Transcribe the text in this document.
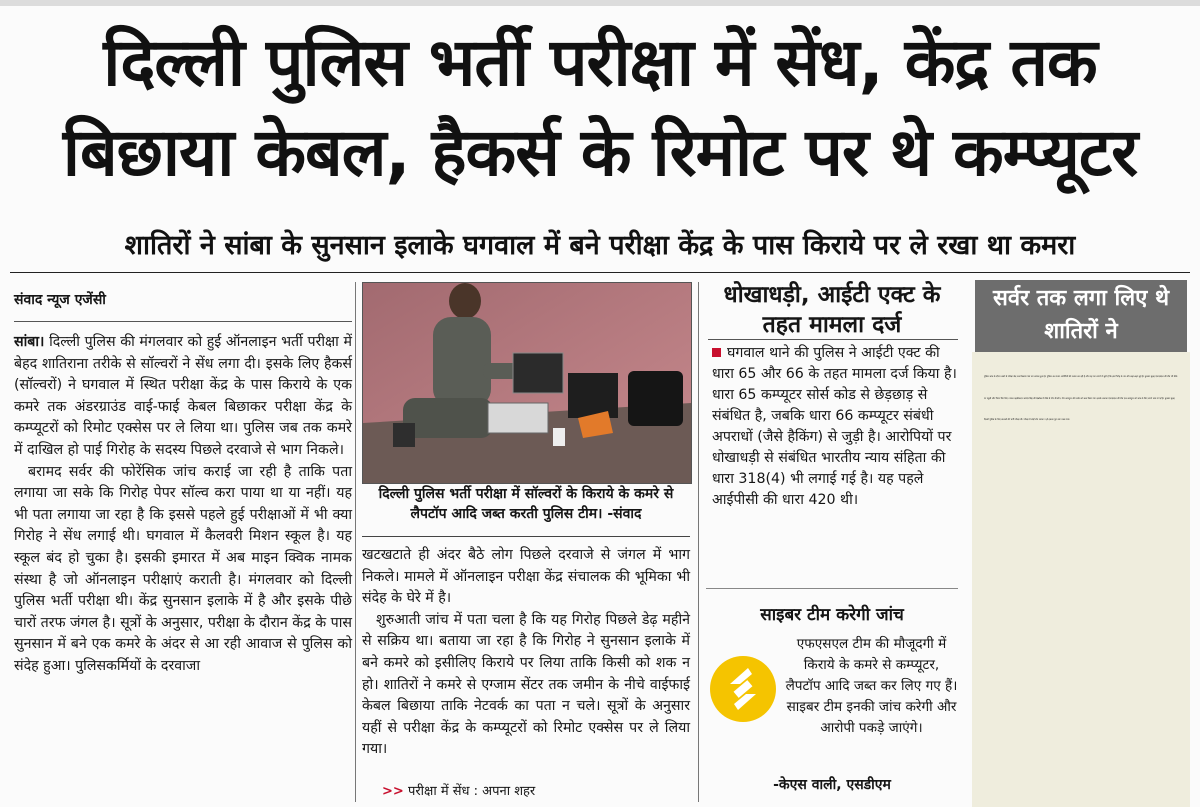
दिल्ली पुलिस भर्ती परीक्षा में सेंध, केंद्र तक
बिछाया केबल, हैकर्स के रिमोट पर थे कम्प्यूटर
शातिरों ने सांबा के सुनसान इलाके घगवाल में बने परीक्षा केंद्र के पास किराये पर ले रखा था कमरा
संवाद न्यूज एजेंसी

सांबा। दिल्ली पुलिस की मंगलवार को हुई ऑनलाइन भर्ती परीक्षा में बेहद शातिराना तरीके से सॉल्वरों ने सेंध लगा दी। इसके लिए हैकर्स (सॉल्वरों) ने घगवाल में स्थित परीक्षा केंद्र के पास किराये के एक कमरे तक अंडरग्राउंड वाई-फाई केबल बिछाकर परीक्षा केंद्र के कम्प्यूटरों को रिमोट एक्सेस पर ले लिया था। पुलिस जब तक कमरे में दाखिल हो पाई गिरोह के सदस्य पिछले दरवाजे से भाग निकले।

बरामद सर्वर की फोरेंसिक जांच कराई जा रही है ताकि पता लगाया जा सके कि गिरोह पेपर सॉल्व करा पाया था या नहीं। यह भी पता लगाया जा रहा है कि इससे पहले हुई परीक्षाओं में भी क्या गिरोह ने सेंध लगाई थी। घगवाल में कैलवरी मिशन स्कूल है। यह स्कूल बंद हो चुका है। इसकी इमारत में अब माइन क्विक नामक संस्था है जो ऑनलाइन परीक्षाएं कराती है। मंगलवार को दिल्ली पुलिस भर्ती परीक्षा थी। केंद्र सुनसान इलाके में है और इसके पीछे चारों तरफ जंगल है। सूत्रों के अनुसार, परीक्षा के दौरान केंद्र के पास सुनसान में बने एक कमरे के अंदर से आ रही आवाज से पुलिस को संदेह हुआ। पुलिसकर्मियों के दरवाजा

दिल्ली पुलिस भर्ती परीक्षा में सॉल्वरों के किराये के कमरे से लैपटॉप आदि जब्त करती पुलिस टीम। -संवाद

खटखटाते ही अंदर बैठे लोग पिछले दरवाजे से जंगल में भाग निकले। मामले में ऑनलाइन परीक्षा केंद्र संचालक की भूमिका भी संदेह के घेरे में है।

शुरुआती जांच में पता चला है कि यह गिरोह पिछले डेढ़ महीने से सक्रिय था। बताया जा रहा है कि गिरोह ने सुनसान इलाके में बने कमरे को इसीलिए किराये पर लिया ताकि किसी को शक न हो। शातिरों ने कमरे से एग्जाम सेंटर तक जमीन के नीचे वाईफाई केबल बिछाया ताकि नेटवर्क का पता न चले। सूत्रों के अनुसार यहीं से परीक्षा केंद्र के कम्प्यूटरों को रिमोट एक्सेस पर ले लिया गया।

>> परीक्षा में सेंध : अपना शहर
धोखाधड़ी, आईटी एक्ट के तहत मामला दर्ज
घगवाल थाने की पुलिस ने आईटी एक्ट की धारा 65 और 66 के तहत मामला दर्ज किया है। धारा 65 कम्प्यूटर सोर्स कोड से छेड़छाड़ से संबंधित है, जबकि धारा 66 कम्प्यूटर संबंधी अपराधों (जैसे हैकिंग) से जुड़ी है। आरोपियों पर धोखाधड़ी से संबंधित भारतीय न्याय संहिता की धारा 318(4) भी लगाई गई है। यह पहले आईपीसी की धारा 420 थी।
साइबर टीम करेगी जांच
एफएसएल टीम की मौजूदगी में किराये के कमरे से कम्प्यूटर, लैपटॉप आदि जब्त कर लिए गए हैं। साइबर टीम इनकी जांच करेगी और आरोपी पकड़े जाएंगे।
-केएस वाली, एसडीएम
सर्वर तक लगा लिए थे शातिरों ने

पुलिस जांच के दौरान कमरे से परीक्षा केंद्र तक बिछाया गया तार बरामद हुआ है। पुलिस अब फरार आरोपियों की तलाश कर रही है और यह पता लगाने में जुटी है कि इस गिरोह के तार और कहां-कहां जुड़े हैं। बुधवार सुबह एफएसएल की टीम भी मौके पर पहुंची और फिंगर प्रिंट लिए। नायब तहसीलदार जगदेव सिंह की देखरेख में मौके से तीन लैपटॉप, तीन कम्प्यूटर और सर्वर को जब्त किया गया। इसके अलावा एफएसएल की टीम एक कम्प्यूटर को जांच के लिए अपने साथ ले गई है। बुधवार सुबह दिल्ली पुलिस के लिए चालकों की भर्ती परीक्षा थी। परीक्षा में कोई शोर शराबा न हो इसका पूरा ध्यान रखा गया।
